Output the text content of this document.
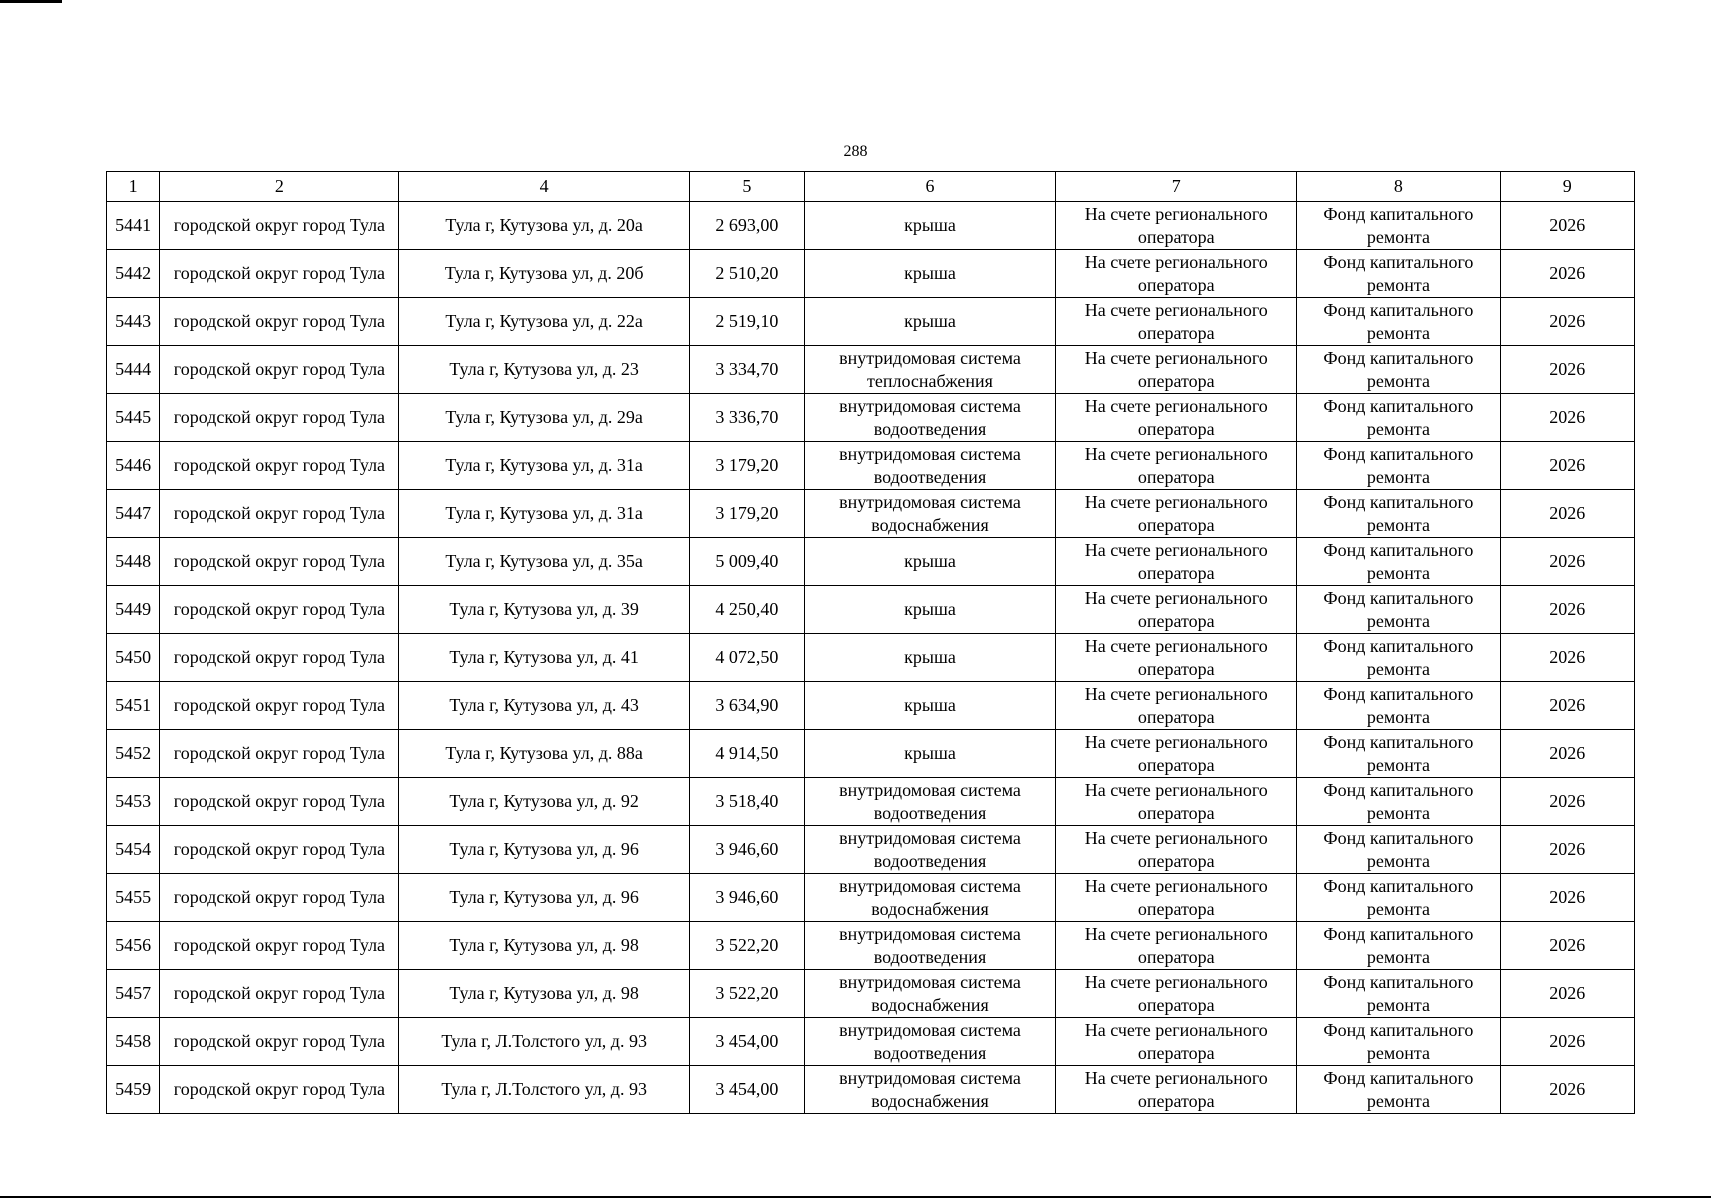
288
1	2	4	5	6	7	8	9
5441	городской округ город Тула	Тула г, Кутузова ул, д. 20а	2 693,00	крыша	На счете регионального оператора	Фонд капитального ремонта	2026
5442	городской округ город Тула	Тула г, Кутузова ул, д. 20б	2 510,20	крыша	На счете регионального оператора	Фонд капитального ремонта	2026
5443	городской округ город Тула	Тула г, Кутузова ул, д. 22а	2 519,10	крыша	На счете регионального оператора	Фонд капитального ремонта	2026
5444	городской округ город Тула	Тула г, Кутузова ул, д. 23	3 334,70	внутридомовая система теплоснабжения	На счете регионального оператора	Фонд капитального ремонта	2026
5445	городской округ город Тула	Тула г, Кутузова ул, д. 29а	3 336,70	внутридомовая система водоотведения	На счете регионального оператора	Фонд капитального ремонта	2026
5446	городской округ город Тула	Тула г, Кутузова ул, д. 31а	3 179,20	внутридомовая система водоотведения	На счете регионального оператора	Фонд капитального ремонта	2026
5447	городской округ город Тула	Тула г, Кутузова ул, д. 31а	3 179,20	внутридомовая система водоснабжения	На счете регионального оператора	Фонд капитального ремонта	2026
5448	городской округ город Тула	Тула г, Кутузова ул, д. 35а	5 009,40	крыша	На счете регионального оператора	Фонд капитального ремонта	2026
5449	городской округ город Тула	Тула г, Кутузова ул, д. 39	4 250,40	крыша	На счете регионального оператора	Фонд капитального ремонта	2026
5450	городской округ город Тула	Тула г, Кутузова ул, д. 41	4 072,50	крыша	На счете регионального оператора	Фонд капитального ремонта	2026
5451	городской округ город Тула	Тула г, Кутузова ул, д. 43	3 634,90	крыша	На счете регионального оператора	Фонд капитального ремонта	2026
5452	городской округ город Тула	Тула г, Кутузова ул, д. 88а	4 914,50	крыша	На счете регионального оператора	Фонд капитального ремонта	2026
5453	городской округ город Тула	Тула г, Кутузова ул, д. 92	3 518,40	внутридомовая система водоотведения	На счете регионального оператора	Фонд капитального ремонта	2026
5454	городской округ город Тула	Тула г, Кутузова ул, д. 96	3 946,60	внутридомовая система водоотведения	На счете регионального оператора	Фонд капитального ремонта	2026
5455	городской округ город Тула	Тула г, Кутузова ул, д. 96	3 946,60	внутридомовая система водоснабжения	На счете регионального оператора	Фонд капитального ремонта	2026
5456	городской округ город Тула	Тула г, Кутузова ул, д. 98	3 522,20	внутридомовая система водоотведения	На счете регионального оператора	Фонд капитального ремонта	2026
5457	городской округ город Тула	Тула г, Кутузова ул, д. 98	3 522,20	внутридомовая система водоснабжения	На счете регионального оператора	Фонд капитального ремонта	2026
5458	городской округ город Тула	Тула г, Л.Толстого ул, д. 93	3 454,00	внутридомовая система водоотведения	На счете регионального оператора	Фонд капитального ремонта	2026
5459	городской округ город Тула	Тула г, Л.Толстого ул, д. 93	3 454,00	внутридомовая система водоснабжения	На счете регионального оператора	Фонд капитального ремонта	2026
